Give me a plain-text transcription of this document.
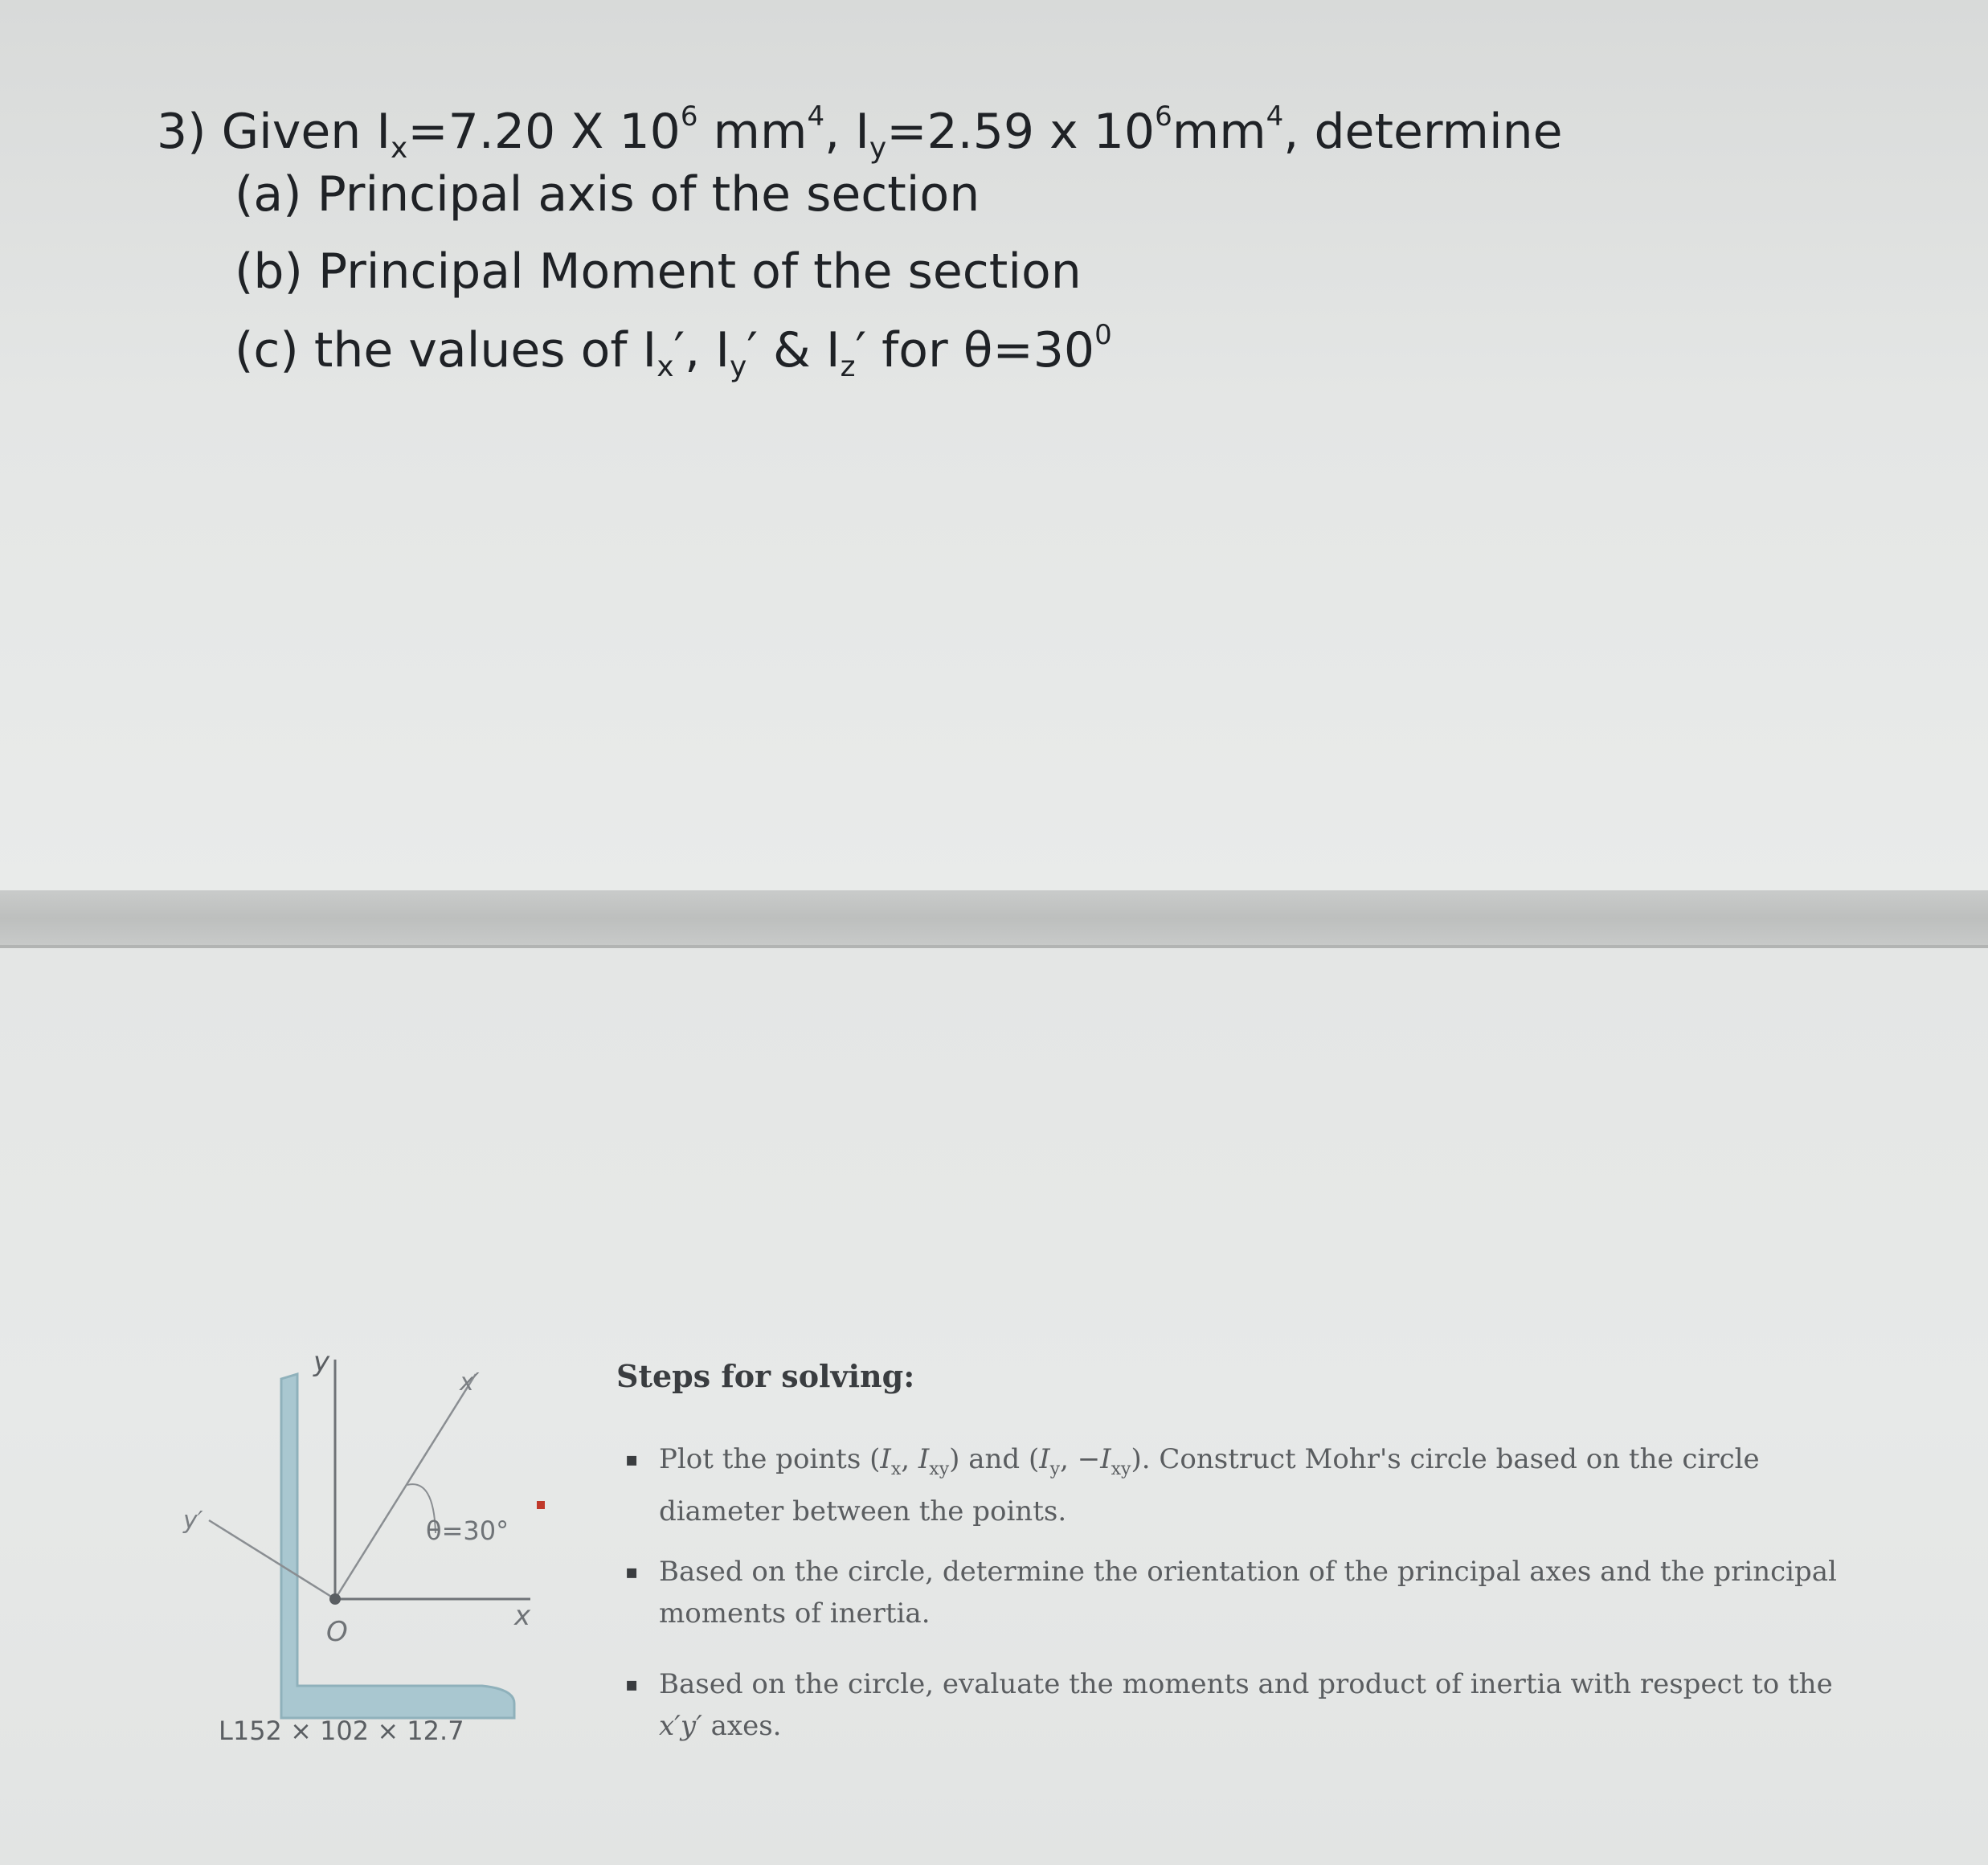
3) Given $I_x=7.20$ X $10^6$ $mm^4$, $I_y=2.59$ x $10^6mm^4$, determine
(a) Principal axis of the section
(b) Principal Moment of the section
(c) the values of $I_x'$, $I_y'$ & $I_z'$ for $\theta=30^0$
y
x′
y′
O	x
θ=30°
L152 × 102 × 12.7
Steps for solving:
▪ Plot the points ($I_x$, $I_{xy}$) and ($I_y$, $-I_{xy}$). Construct Mohr's circle based on the circle diameter between the points.
▪ Based on the circle, determine the orientation of the principal axes and the principal moments of inertia.
▪ Based on the circle, evaluate the moments and product of inertia with respect to the x′y′ axes.
